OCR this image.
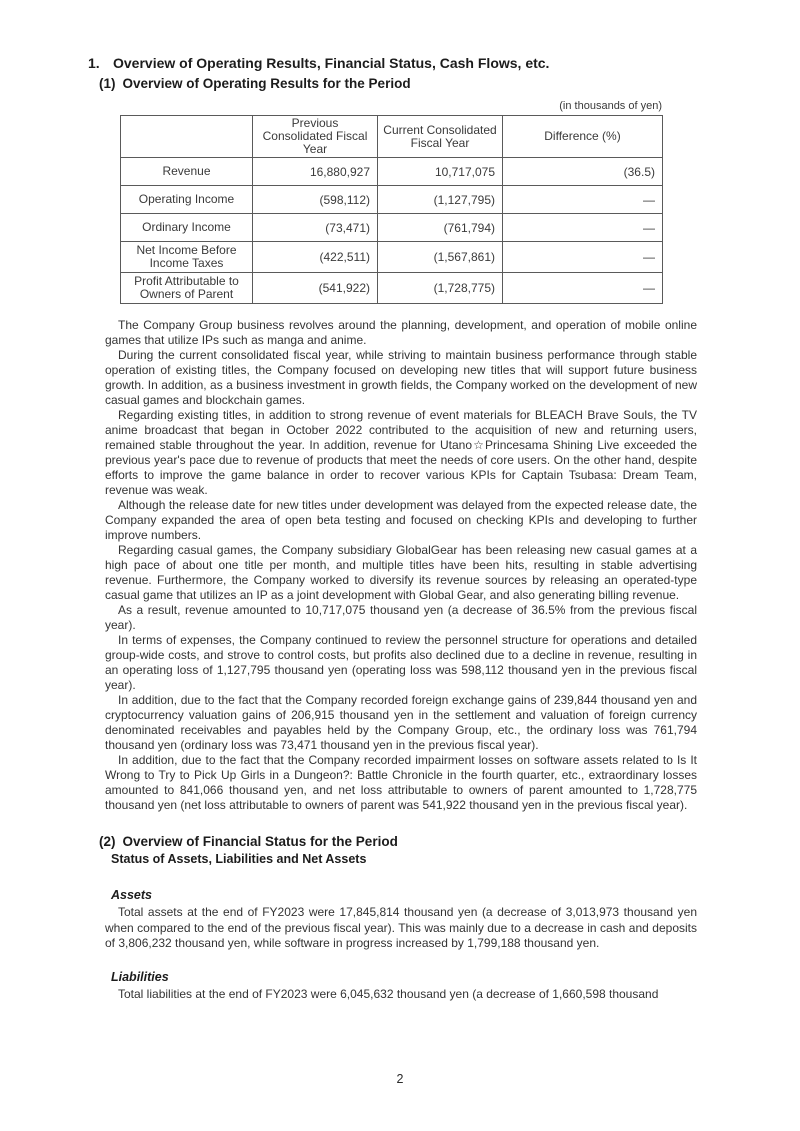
1. Overview of Operating Results, Financial Status, Cash Flows, etc.
(1) Overview of Operating Results for the Period
(in thousands of yen)
	Previous Consolidated Fiscal Year	Current Consolidated Fiscal Year	Difference (%)
Revenue	16,880,927	10,717,075	(36.5)
Operating Income	(598,112)	(1,127,795)	—
Ordinary Income	(73,471)	(761,794)	—
Net Income Before Income Taxes	(422,511)	(1,567,861)	—
Profit Attributable to Owners of Parent	(541,922)	(1,728,775)	—

The Company Group business revolves around the planning, development, and operation of mobile online games that utilize IPs such as manga and anime.

During the current consolidated fiscal year, while striving to maintain business performance through stable operation of existing titles, the Company focused on developing new titles that will support future business growth. In addition, as a business investment in growth fields, the Company worked on the development of new casual games and blockchain games.

Regarding existing titles, in addition to strong revenue of event materials for BLEACH Brave Souls, the TV anime broadcast that began in October 2022 contributed to the acquisition of new and returning users, remained stable throughout the year. In addition, revenue for Utano☆Princesama Shining Live exceeded the previous year's pace due to revenue of products that meet the needs of core users. On the other hand, despite efforts to improve the game balance in order to recover various KPIs for Captain Tsubasa: Dream Team, revenue was weak.

Although the release date for new titles under development was delayed from the expected release date, the Company expanded the area of open beta testing and focused on checking KPIs and developing to further improve numbers.

Regarding casual games, the Company subsidiary GlobalGear has been releasing new casual games at a high pace of about one title per month, and multiple titles have been hits, resulting in stable advertising revenue. Furthermore, the Company worked to diversify its revenue sources by releasing an operated-type casual game that utilizes an IP as a joint development with Global Gear, and also generating billing revenue.

As a result, revenue amounted to 10,717,075 thousand yen (a decrease of 36.5% from the previous fiscal year).

In terms of expenses, the Company continued to review the personnel structure for operations and detailed group-wide costs, and strove to control costs, but profits also declined due to a decline in revenue, resulting in an operating loss of 1,127,795 thousand yen (operating loss was 598,112 thousand yen in the previous fiscal year).

In addition, due to the fact that the Company recorded foreign exchange gains of 239,844 thousand yen and cryptocurrency valuation gains of 206,915 thousand yen in the settlement and valuation of foreign currency denominated receivables and payables held by the Company Group, etc., the ordinary loss was 761,794 thousand yen (ordinary loss was 73,471 thousand yen in the previous fiscal year).

In addition, due to the fact that the Company recorded impairment losses on software assets related to Is It Wrong to Try to Pick Up Girls in a Dungeon?: Battle Chronicle in the fourth quarter, etc., extraordinary losses amounted to 841,066 thousand yen, and net loss attributable to owners of parent amounted to 1,728,775 thousand yen (net loss attributable to owners of parent was 541,922 thousand yen in the previous fiscal year).

(2) Overview of Financial Status for the Period
Status of Assets, Liabilities and Net Assets
Assets

Total assets at the end of FY2023 were 17,845,814 thousand yen (a decrease of 3,013,973 thousand yen when compared to the end of the previous fiscal year). This was mainly due to a decrease in cash and deposits of 3,806,232 thousand yen, while software in progress increased by 1,799,188 thousand yen.

Liabilities

Total liabilities at the end of FY2023 were 6,045,632 thousand yen (a decrease of 1,660,598 thousand

2
